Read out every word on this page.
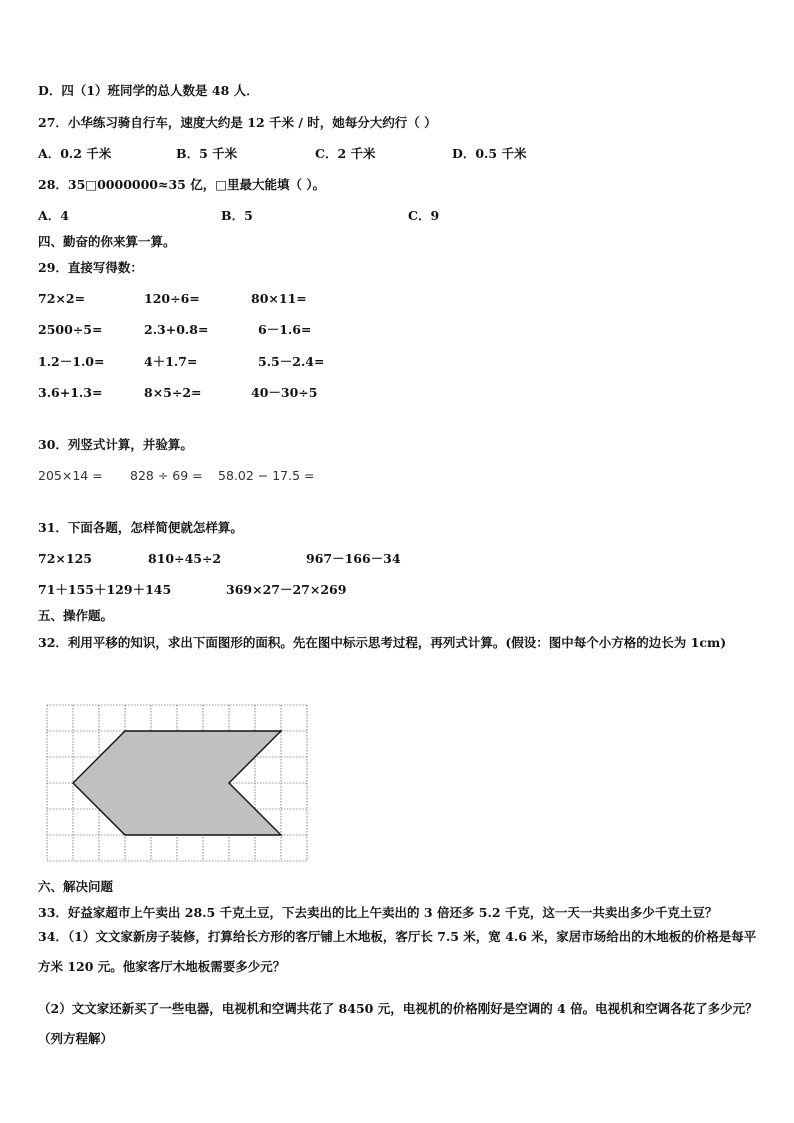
D．四（1）班同学的总人数是 48 人．
27．小华练习骑自行车，速度大约是 12 千米 / 时，她每分大约行（ ）
A．0.2 千米	B．5 千米	C．2 千米	D．0.5 千米
28．35□0000000≈35 亿，□里最大能填（ ）。
A．4	B．5	C．9
四、勤奋的你来算一算。
29．直接写得数：
72×2=	120÷6=	80×11=
2500÷5=	2.3+0.8=	6－1.6=
1.2－1.0=	4＋1.7=	5.5－2.4=
3.6+1.3=	8×5÷2=	40－30÷5
30．列竖式计算，并验算。
205×14 = 828 ÷ 69 = 58.02 − 17.5 =
31．下面各题，怎样简便就怎样算。
72×125	810÷45÷2	967－166－34
71＋155＋129＋145	369×27－27×269
五、操作题。
32．利用平移的知识，求出下面图形的面积。先在图中标示思考过程，再列式计算。(假设：图中每个小方格的边长为 1cm)
六、解决问题
33．好益家超市上午卖出 28.5 千克土豆，下去卖出的比上午卖出的 3 倍还多 5.2 千克，这一天一共卖出多少千克土豆？
34．（1）文文家新房子装修，打算给长方形的客厅铺上木地板，客厅长 7.5 米，宽 4.6 米，家居市场给出的木地板的价格是每平方米 120 元。他家客厅木地板需要多少元？
（2）文文家还新买了一些电器，电视机和空调共花了 8450 元，电视机的价格刚好是空调的 4 倍。电视机和空调各花了多少元？（列方程解）
